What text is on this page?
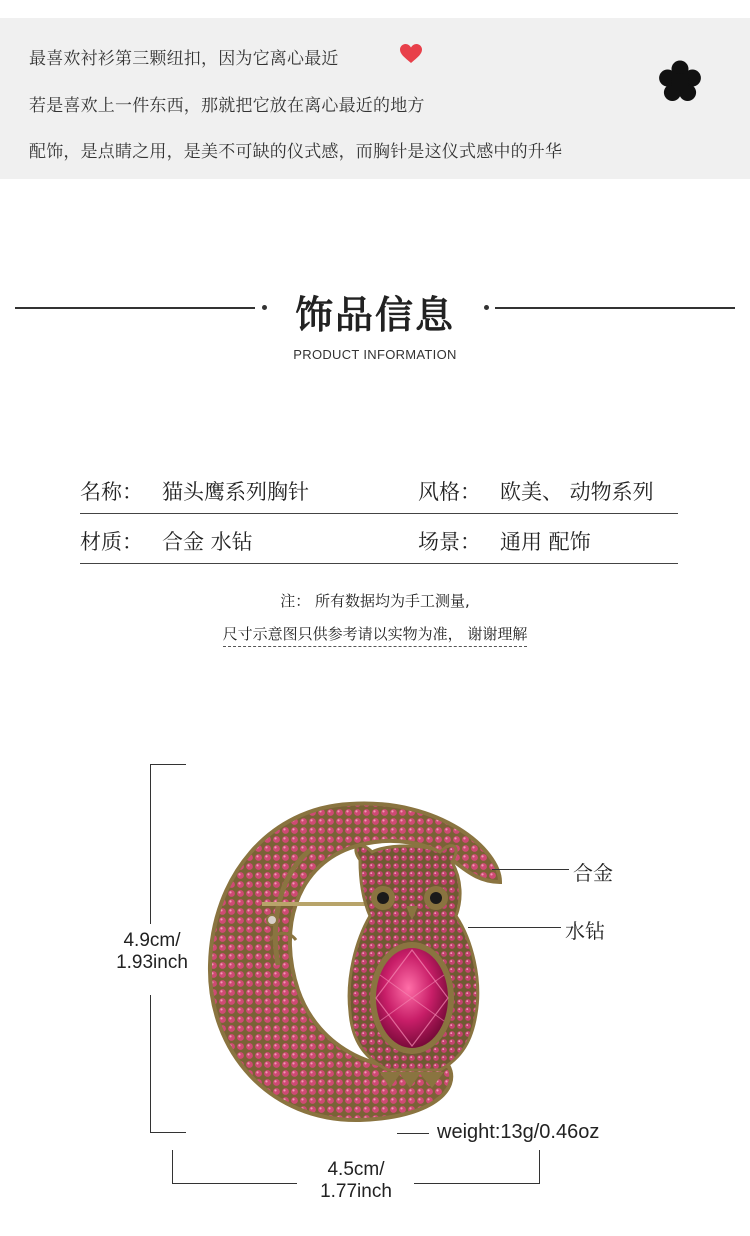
最喜欢衬衫第三颗纽扣，因为它离心最近
若是喜欢上一件东西，那就把它放在离心最近的地方
配饰，是点睛之用，是美不可缺的仪式感，而胸针是这仪式感中的升华
饰品信息
PRODUCT INFORMATION
名称： 猫头鹰系列胸针	风格： 欧美、 动物系列
材质： 合金 水钻	场景： 通用 配饰
注： 所有数据均为手工测量,
尺寸示意图只供参考请以实物为准， 谢谢理解
4.9cm/
1.93inch
4.5cm/
1.77inch
合金
水钻
weight:13g/0.46oz
